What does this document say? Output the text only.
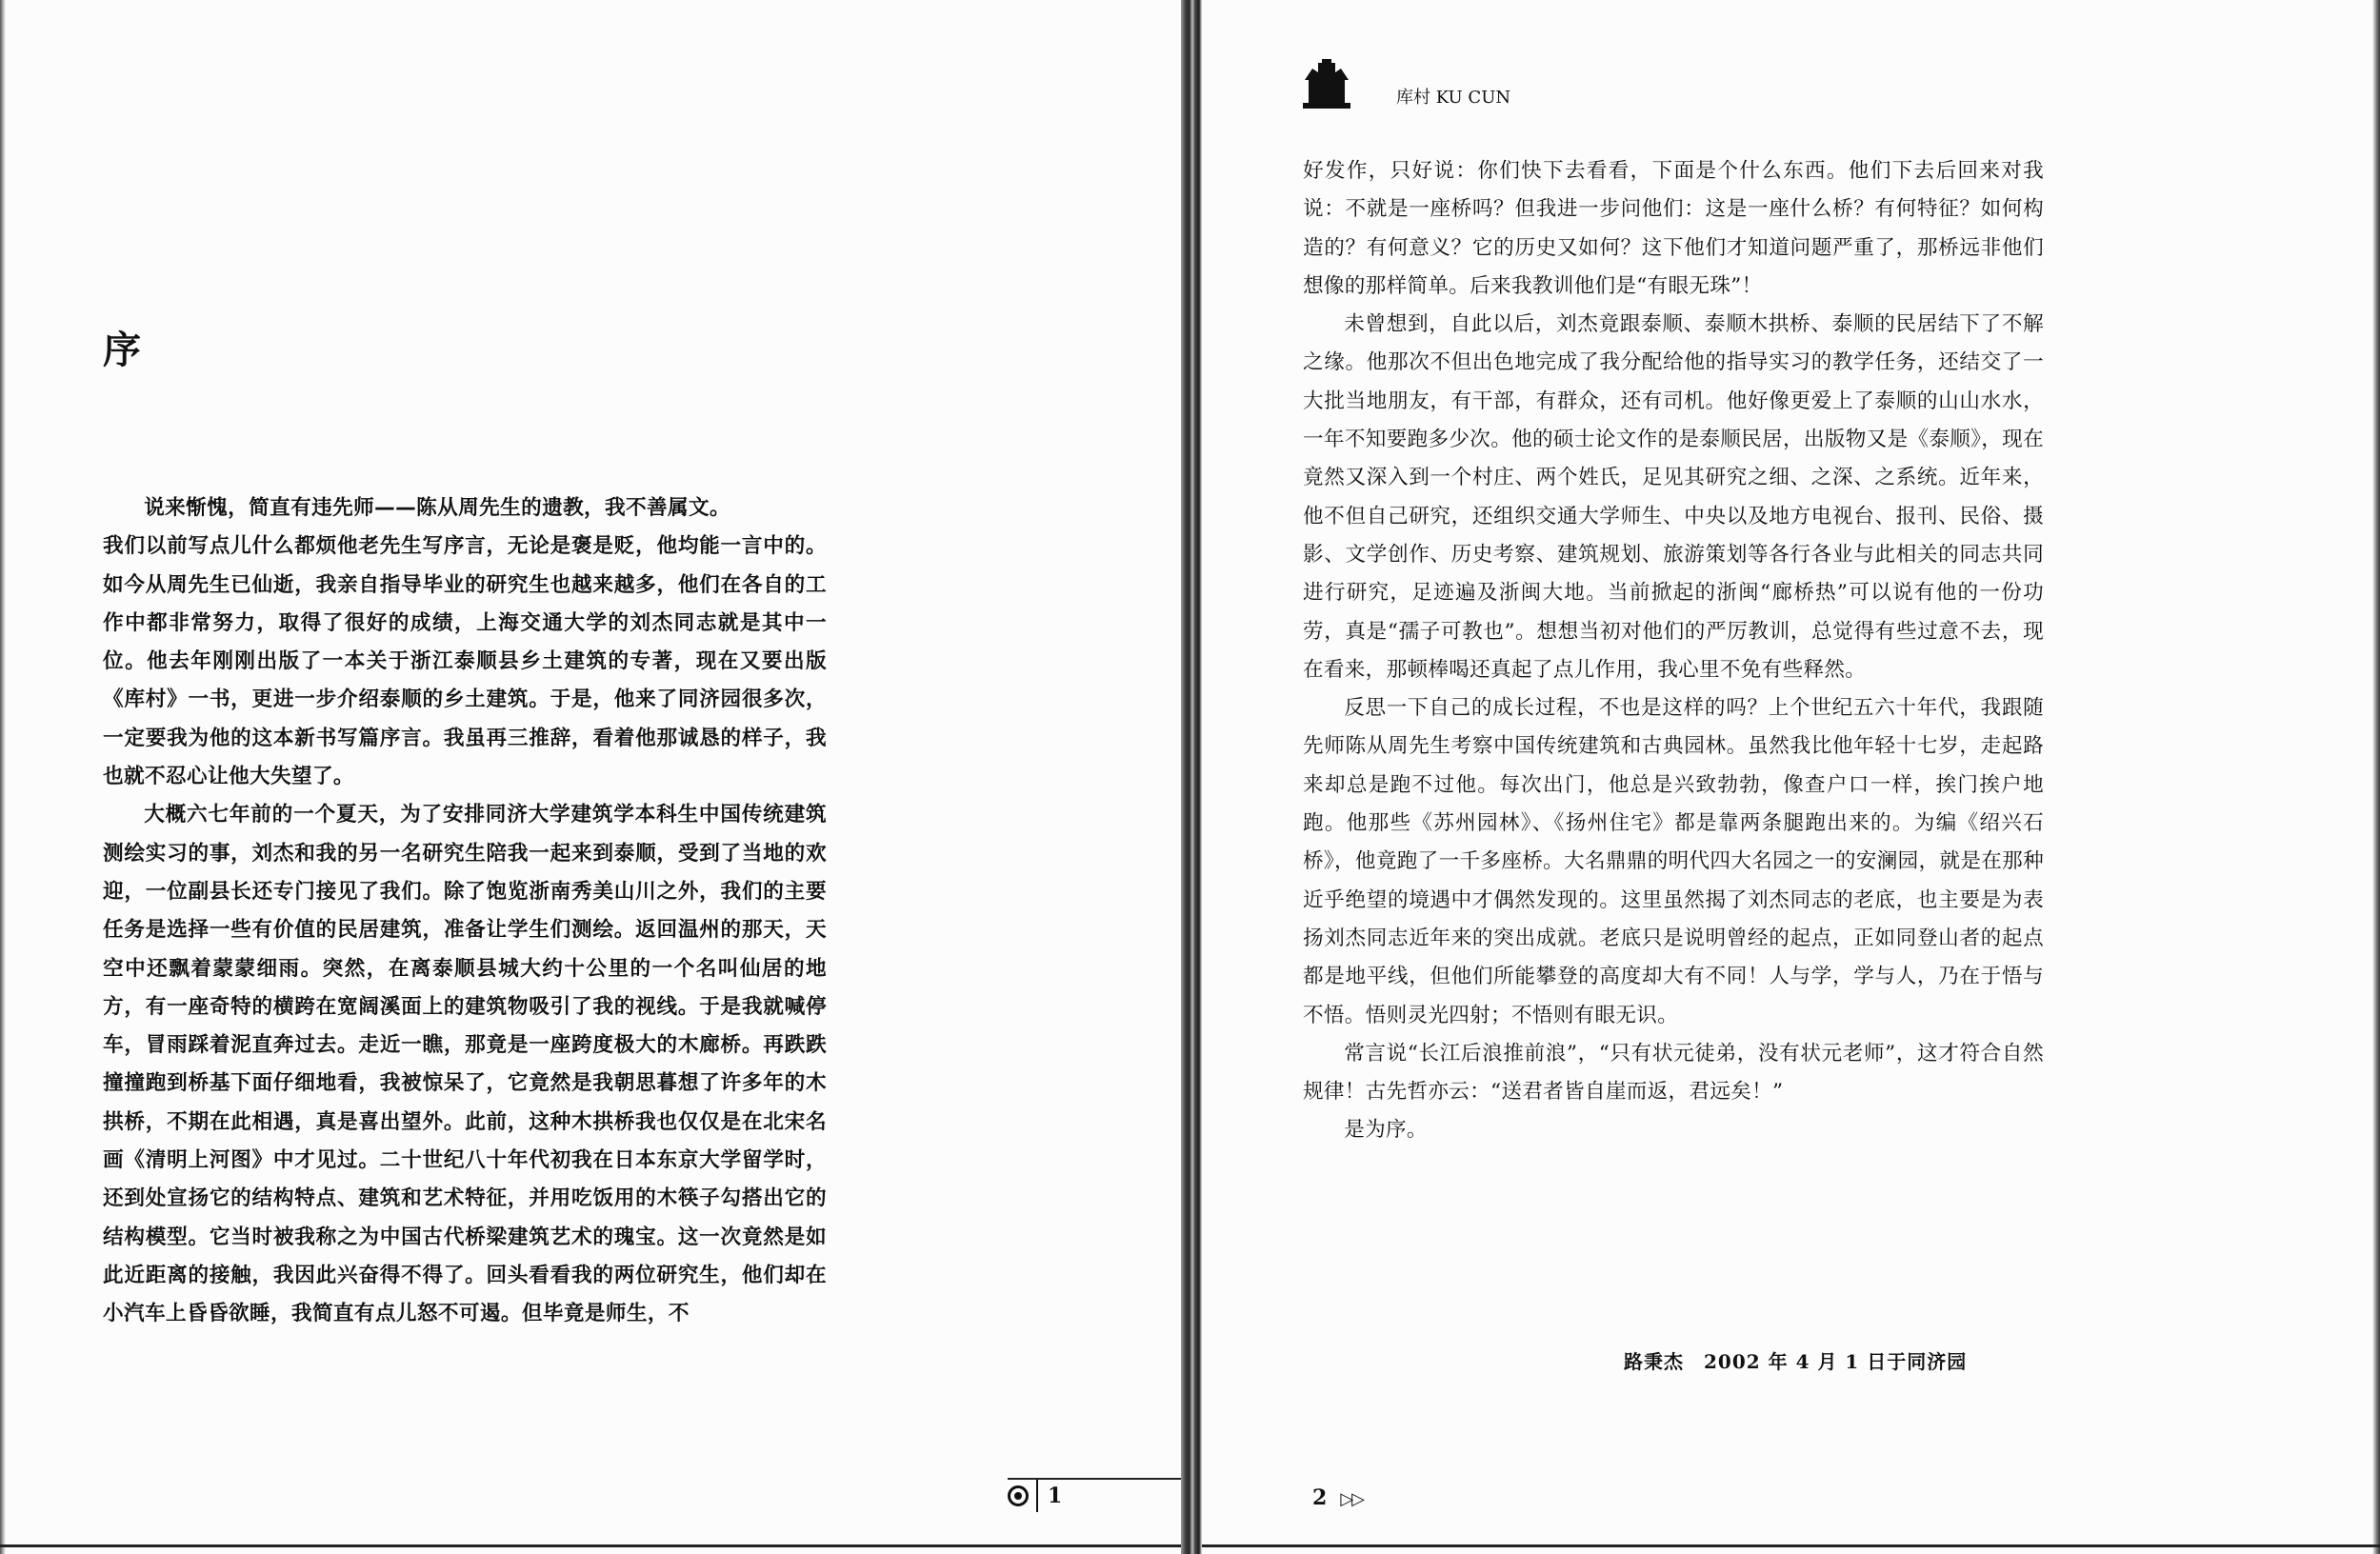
序

说来惭愧，简直有违先师——陈从周先生的遗教，我不善属文。

我们以前写点儿什么都烦他老先生写序言，无论是褒是贬，他均能一言中的。如今从周先生已仙逝，我亲自指导毕业的研究生也越来越多，他们在各自的工作中都非常努力，取得了很好的成绩，上海交通大学的刘杰同志就是其中一位。他去年刚刚出版了一本关于浙江泰顺县乡土建筑的专著，现在又要出版《库村》一书，更进一步介绍泰顺的乡土建筑。于是，他来了同济园很多次，一定要我为他的这本新书写篇序言。我虽再三推辞，看着他那诚恳的样子，我也就不忍心让他大失望了。

大概六七年前的一个夏天，为了安排同济大学建筑学本科生中国传统建筑测绘实习的事，刘杰和我的另一名研究生陪我一起来到泰顺，受到了当地的欢迎，一位副县长还专门接见了我们。除了饱览浙南秀美山川之外，我们的主要任务是选择一些有价值的民居建筑，准备让学生们测绘。返回温州的那天，天空中还飘着蒙蒙细雨。突然，在离泰顺县城大约十公里的一个名叫仙居的地方，有一座奇特的横跨在宽阔溪面上的建筑物吸引了我的视线。于是我就喊停车，冒雨踩着泥直奔过去。走近一瞧，那竟是一座跨度极大的木廊桥。再跌跌撞撞跑到桥基下面仔细地看，我被惊呆了，它竟然是我朝思暮想了许多年的木拱桥，不期在此相遇，真是喜出望外。此前，这种木拱桥我也仅仅是在北宋名画《清明上河图》中才见过。二十世纪八十年代初我在日本东京大学留学时，还到处宣扬它的结构特点、建筑和艺术特征，并用吃饭用的木筷子勾搭出它的结构模型。它当时被我称之为中国古代桥梁建筑艺术的瑰宝。这一次竟然是如此近距离的接触，我因此兴奋得不得了。回头看看我的两位研究生，他们却在小汽车上昏昏欲睡，我简直有点儿怒不可遏。但毕竟是师生，不

1
库村 KU CUN

好发作，只好说：你们快下去看看，下面是个什么东西。他们下去后回来对我说：不就是一座桥吗？但我进一步问他们：这是一座什么桥？有何特征？如何构造的？有何意义？它的历史又如何？这下他们才知道问题严重了，那桥远非他们想像的那样简单。后来我教训他们是“有眼无珠”！

未曾想到，自此以后，刘杰竟跟泰顺、泰顺木拱桥、泰顺的民居结下了不解之缘。他那次不但出色地完成了我分配给他的指导实习的教学任务，还结交了一大批当地朋友，有干部，有群众，还有司机。他好像更爱上了泰顺的山山水水，一年不知要跑多少次。他的硕士论文作的是泰顺民居，出版物又是《泰顺》，现在竟然又深入到一个村庄、两个姓氏，足见其研究之细、之深、之系统。近年来，他不但自己研究，还组织交通大学师生、中央以及地方电视台、报刊、民俗、摄影、文学创作、历史考察、建筑规划、旅游策划等各行各业与此相关的同志共同进行研究，足迹遍及浙闽大地。当前掀起的浙闽“廊桥热”可以说有他的一份功劳，真是“孺子可教也”。想想当初对他们的严厉教训，总觉得有些过意不去，现在看来，那顿棒喝还真起了点儿作用，我心里不免有些释然。

反思一下自己的成长过程，不也是这样的吗？上个世纪五六十年代，我跟随先师陈从周先生考察中国传统建筑和古典园林。虽然我比他年轻十七岁，走起路来却总是跑不过他。每次出门，他总是兴致勃勃，像查户口一样，挨门挨户地跑。他那些《苏州园林》、《扬州住宅》都是靠两条腿跑出来的。为编《绍兴石桥》，他竟跑了一千多座桥。大名鼎鼎的明代四大名园之一的安澜园，就是在那种近乎绝望的境遇中才偶然发现的。这里虽然揭了刘杰同志的老底，也主要是为表扬刘杰同志近年来的突出成就。老底只是说明曾经的起点，正如同登山者的起点都是地平线，但他们所能攀登的高度却大有不同！人与学，学与人，乃在于悟与不悟。悟则灵光四射；不悟则有眼无识。

常言说“长江后浪推前浪”，“只有状元徒弟，没有状元老师”，这才符合自然规律！古先哲亦云：“送君者皆自崖而返，君远矣！”

是为序。

路秉杰　2002 年 4 月 1 日于同济园
2 ▷▷
